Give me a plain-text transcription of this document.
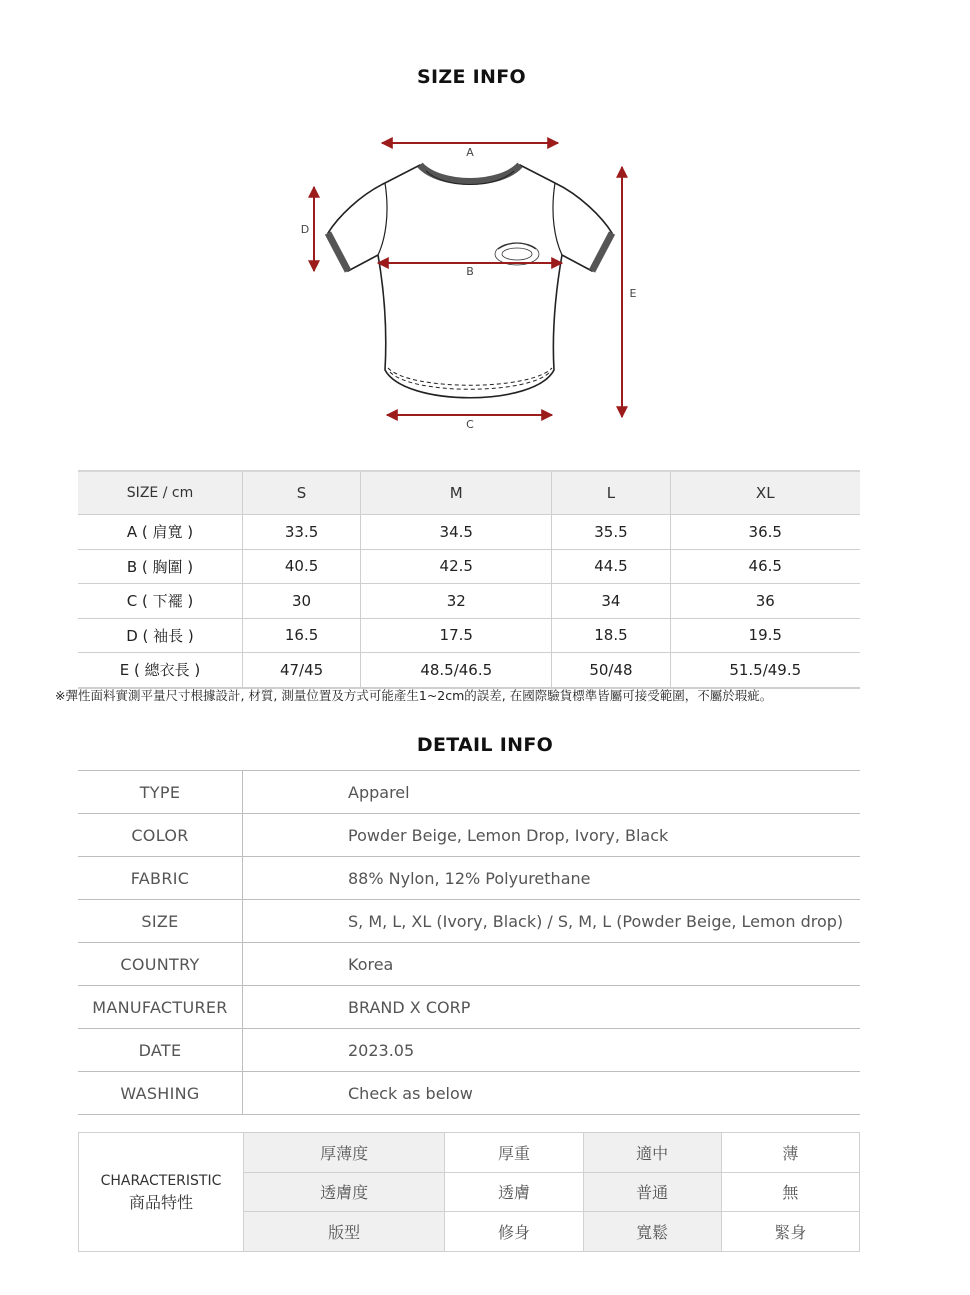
SIZE INFO
A
B
C
D
E
SIZE / cm	S	M	L	XL
A ( 肩寬 )	33.5	34.5	35.5	36.5
B ( 胸圍 )	40.5	42.5	44.5	46.5
C ( 下襬 )	30	32	34	36
D ( 袖長 )	16.5	17.5	18.5	19.5
E ( 總衣長 )	47/45	48.5/46.5	50/48	51.5/49.5
※彈性面料實測平量尺寸根據設計, 材質, 測量位置及方式可能產生1~2cm的誤差, 在國際驗貨標準皆屬可接受範圍，不屬於瑕疵。
DETAIL INFO
TYPE	Apparel
COLOR	Powder Beige, Lemon Drop, Ivory, Black
FABRIC	88% Nylon, 12% Polyurethane
SIZE	S, M, L, XL (Ivory, Black) / S, M, L (Powder Beige, Lemon drop)
COUNTRY	Korea
MANUFACTURER	BRAND X CORP
DATE	2023.05
WASHING	Check as below
CHARACTERISTIC
商品特性	厚薄度	厚重	適中	薄
	透膚度	透膚	普通	無
	版型	修身	寬鬆	緊身
